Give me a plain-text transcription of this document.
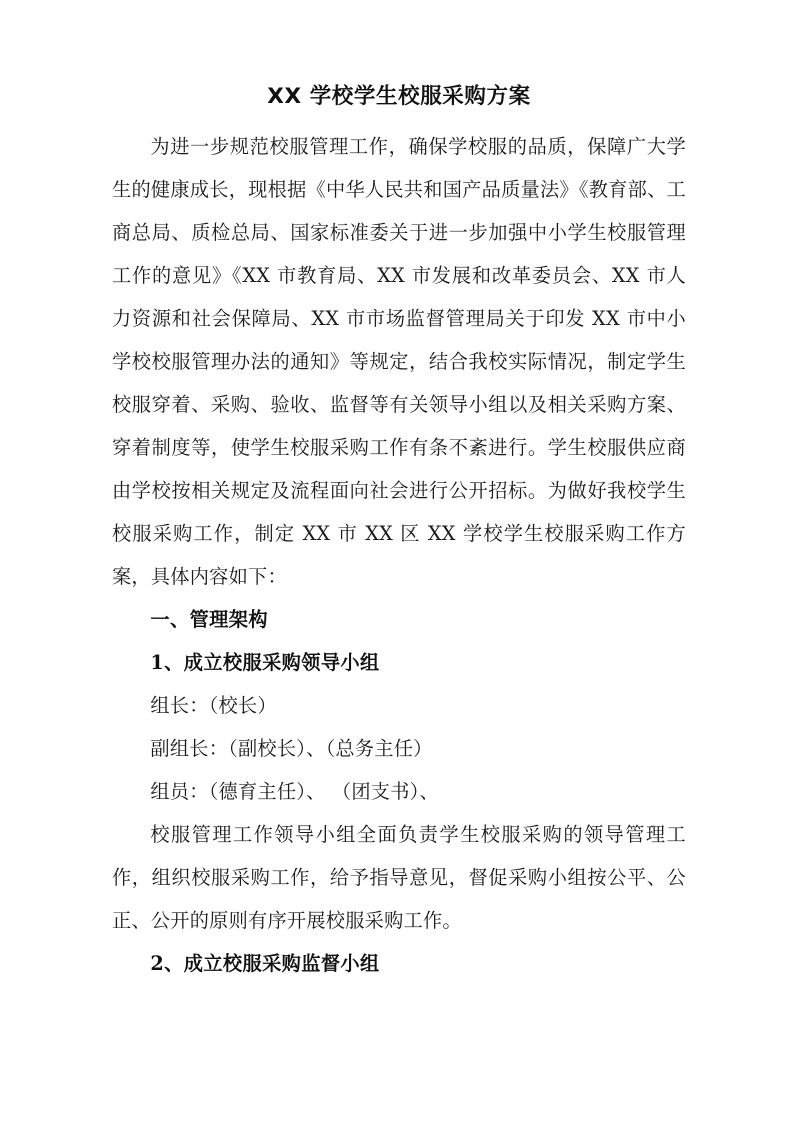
XX 学校学生校服采购方案

为进一步规范校服管理工作，确保学校服的品质，保障广大学生的健康成长，现根据《中华人民共和国产品质量法》《教育部、工商总局、质检总局、国家标准委关于进一步加强中小学生校服管理工作的意见》《XX 市教育局、XX 市发展和改革委员会、XX 市人力资源和社会保障局、XX 市市场监督管理局关于印发 XX 市中小学校校服管理办法的通知》等规定，结合我校实际情况，制定学生校服穿着、采购、验收、监督等有关领导小组以及相关采购方案、穿着制度等，使学生校服采购工作有条不紊进行。学生校服供应商由学校按相关规定及流程面向社会进行公开招标。为做好我校学生校服采购工作，制定 XX 市 XX 区 XX 学校学生校服采购工作方案，具体内容如下：

一、管理架构

1、成立校服采购领导小组

组长：（校长）

副组长：（副校长）、（总务主任）

组员：（德育主任）、 （团支书）、

校服管理工作领导小组全面负责学生校服采购的领导管理工作，组织校服采购工作，给予指导意见，督促采购小组按公平、公正、公开的原则有序开展校服采购工作。

2、成立校服采购监督小组
